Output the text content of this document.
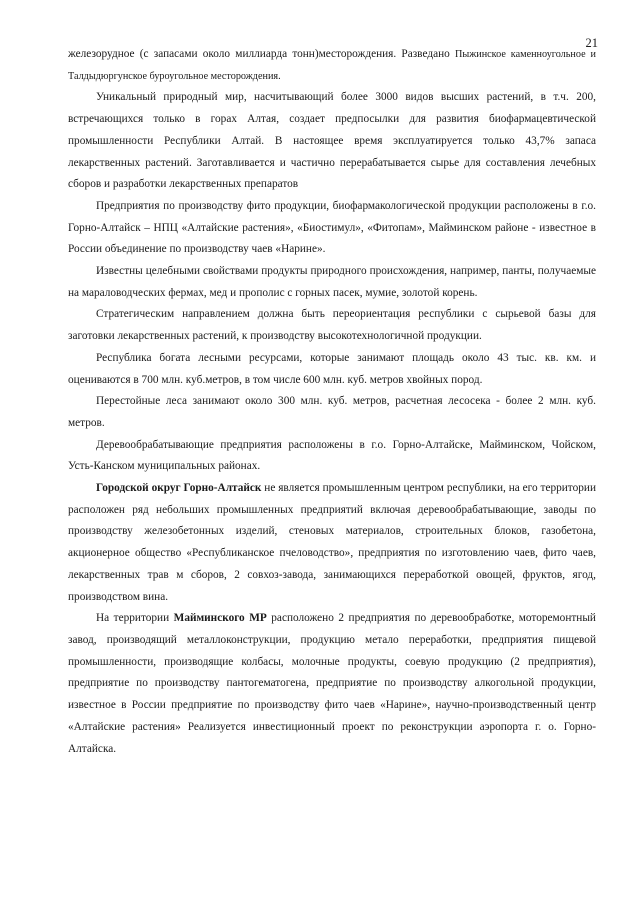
21

железорудное (с запасами около миллиарда тонн)месторождения. Разведано Пыжинское каменноугольное и Талдыдюргунское буроугольное месторождения.

Уникальный природный мир, насчитывающий более 3000 видов высших растений, в т.ч. 200, встречающихся только в горах Алтая, создает предпосылки для развития биофармацевтической промышленности Республики Алтай. В настоящее время эксплуатируется только 43,7% запаса лекарственных растений. Заготавливается и частично перерабатывается сырье для составления лечебных сборов и разработки лекарственных препаратов

Предприятия по производству фито продукции, биофармакологической продукции расположены в г.о. Горно-Алтайск – НПЦ «Алтайские растения», «Биостимул», «Фитопам», Майминском районе - известное в России объединение по производству чаев «Нарине».

Известны целебными свойствами продукты природного происхождения, например, панты, получаемые на мараловодческих фермах, мед и прополис с горных пасек, мумие, золотой корень.

Стратегическим направлением должна быть переориентация республики с сырьевой базы для заготовки лекарственных растений, к производству высокотехнологичной продукции.

Республика богата лесными ресурсами, которые занимают площадь около 43 тыс. кв. км. и оцениваются в 700 млн. куб.метров, в том числе 600 млн. куб. метров хвойных пород.

Перестойные леса занимают около 300 млн. куб. метров, расчетная лесосека - более 2 млн. куб. метров.

Деревообрабатывающие предприятия расположены в г.о. Горно-Алтайске, Майминском, Чойском, Усть-Канском муниципальных районах.

Городской округ Горно-Алтайск не является промышленным центром республики, на его территории расположен ряд небольших промышленных предприятий включая деревообрабатывающие, заводы по производству железобетонных изделий, стеновых материалов, строительных блоков, газобетона, акционерное общество «Республиканское пчеловодство», предприятия по изготовлению чаев, фито чаев, лекарственных трав м сборов, 2 совхоз-завода, занимающихся переработкой овощей, фруктов, ягод, производством вина.

На территории Майминского МР расположено 2 предприятия по деревообработке, моторемонтный завод, производящий металлоконструкции, продукцию метало переработки, предприятия пищевой промышленности, производящие колбасы, молочные продукты, соевую продукцию (2 предприятия), предприятие по производству пантогематогена, предприятие по производству алкогольной продукции, известное в России предприятие по производству фито чаев «Нарине», научно-производственный центр «Алтайские растения» Реализуется инвестиционный проект по реконструкции аэропорта г. о. Горно-Алтайска.
